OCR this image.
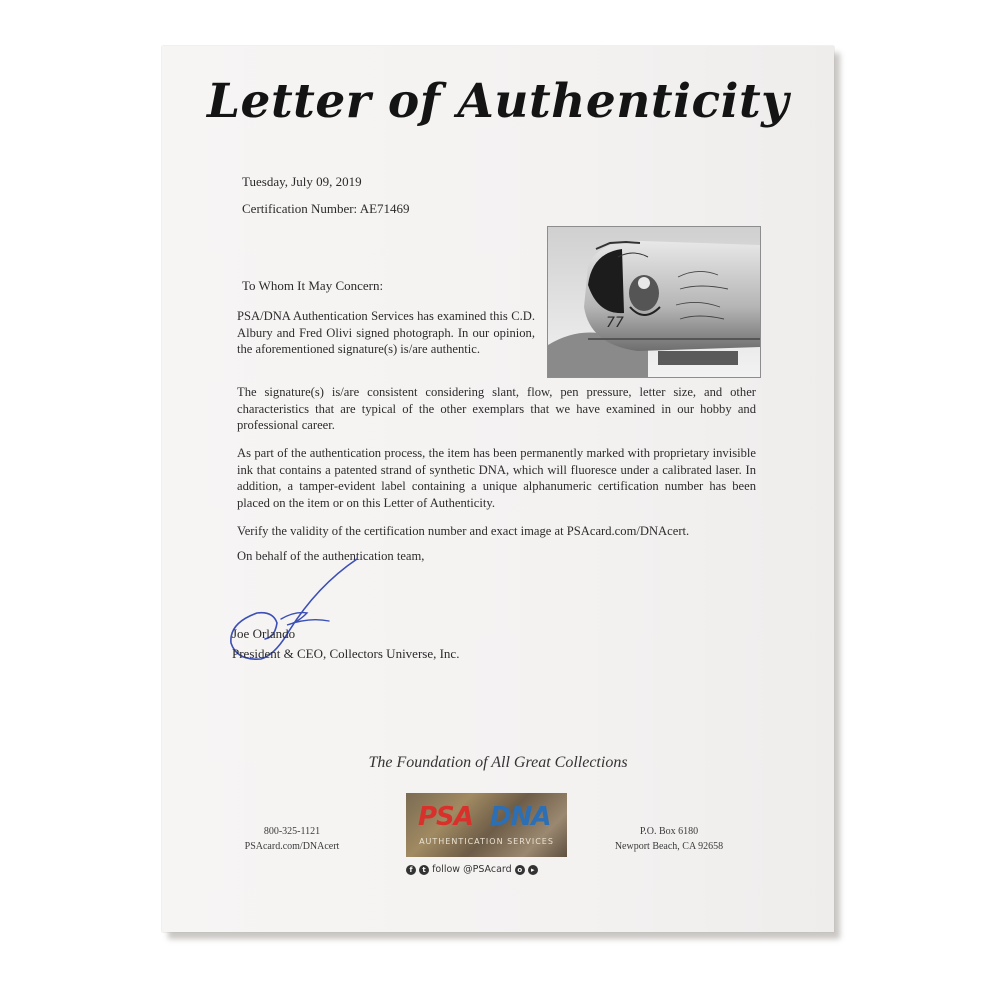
Letter of Authenticity
Tuesday, July 09, 2019
Certification Number: AE71469
To Whom It May Concern:
77

PSA/DNA Authentication Services has examined this C.D. Albury and Fred Olivi signed photograph. In our opinion, the aforementioned signature(s) is/are authentic.

The signature(s) is/are consistent considering slant, flow, pen pressure, letter size, and other characteristics that are typical of the other exemplars that we have examined in our hobby and professional career.

As part of the authentication process, the item has been permanently marked with proprietary invisible ink that contains a patented strand of synthetic DNA, which will fluoresce under a calibrated laser. In addition, a tamper-evident label containing a unique alphanumeric certification number has been placed on the item or on this Letter of Authenticity.

Verify the validity of the certification number and exact image at PSAcard.com/DNAcert.

On behalf of the authentication team,

Joe Orlando
President & CEO, Collectors Universe, Inc.
The Foundation of All Great Collections
800-325-1121
PSAcard.com/DNAcert
PSA DNA
AUTHENTICATION SERVICES
f t follow @PSAcard o ▸
P.O. Box 6180
Newport Beach, CA 92658
